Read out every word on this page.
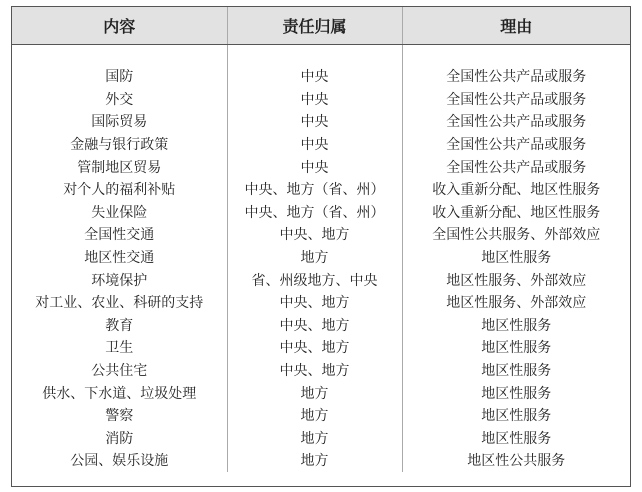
内容	责任归属	理由

国防	中央	全国性公共产品或服务
外交	中央	全国性公共产品或服务
国际贸易	中央	全国性公共产品或服务
金融与银行政策	中央	全国性公共产品或服务
管制地区贸易	中央	全国性公共产品或服务
对个人的福利补贴	中央、地方（省、州）	收入重新分配、地区性服务
失业保险	中央、地方（省、州）	收入重新分配、地区性服务
全国性交通	中央、地方	全国性公共服务、外部效应
地区性交通	地方	地区性服务
环境保护	省、州级地方、中央	地区性服务、外部效应
对工业、农业、科研的支持	中央、地方	地区性服务、外部效应
教育	中央、地方	地区性服务
卫生	中央、地方	地区性服务
公共住宅	中央、地方	地区性服务
供水、下水道、垃圾处理	地方	地区性服务
警察	地方	地区性服务
消防	地方	地区性服务
公园、娱乐设施	地方	地区性公共服务
